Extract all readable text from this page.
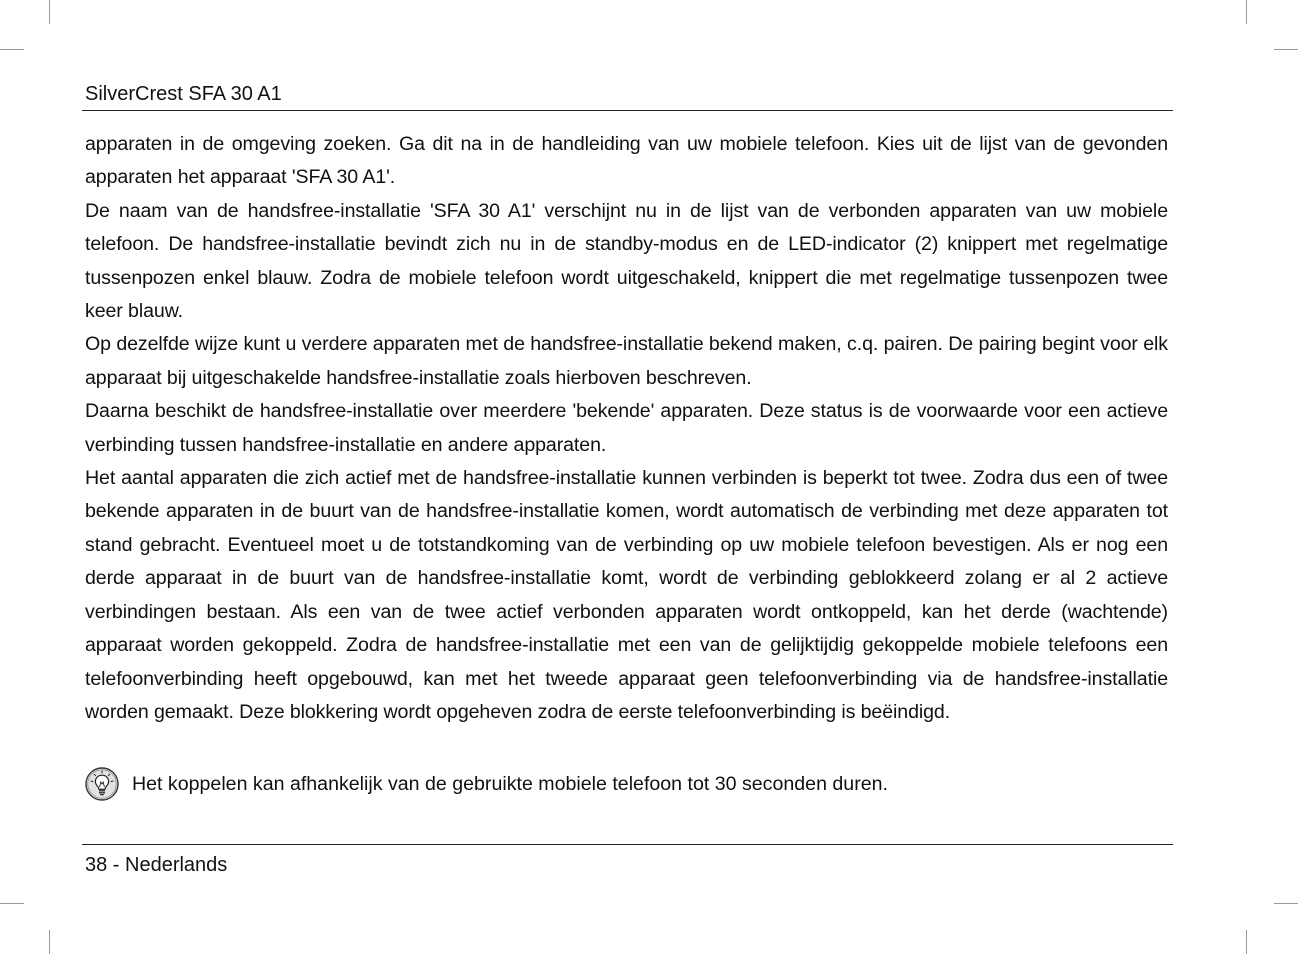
SilverCrest SFA 30 A1

apparaten in de omgeving zoeken. Ga dit na in de handleiding van uw mobiele telefoon. Kies uit de lijst van de gevonden apparaten het apparaat 'SFA 30 A1'.

De naam van de handsfree-installatie 'SFA 30 A1' verschijnt nu in de lijst van de verbonden apparaten van uw mobiele telefoon. De handsfree-installatie bevindt zich nu in de standby-modus en de LED-indicator (2) knippert met regelmatige tussenpozen enkel blauw. Zodra de mobiele telefoon wordt uitgeschakeld, knippert die met regelmatige tussenpozen twee keer blauw.

Op dezelfde wijze kunt u verdere apparaten met de handsfree-installatie bekend maken, c.q. pairen. De pairing begint voor elk apparaat bij uitgeschakelde handsfree-installatie zoals hierboven beschreven.

Daarna beschikt de handsfree-installatie over meerdere 'bekende' apparaten. Deze status is de voorwaarde voor een actieve verbinding tussen handsfree-installatie en andere apparaten.

Het aantal apparaten die zich actief met de handsfree-installatie kunnen verbinden is beperkt tot twee. Zodra dus een of twee bekende apparaten in de buurt van de handsfree-installatie komen, wordt automatisch de verbinding met deze apparaten tot stand gebracht. Eventueel moet u de totstandkoming van de verbinding op uw mobiele telefoon bevestigen. Als er nog een derde apparaat in de buurt van de handsfree-installatie komt, wordt de verbinding geblokkeerd zolang er al 2 actieve verbindingen bestaan. Als een van de twee actief verbonden apparaten wordt ontkoppeld, kan het derde (wachtende) apparaat worden gekoppeld. Zodra de handsfree-installatie met een van de gelijktijdig gekoppelde mobiele telefoons een telefoonverbinding heeft opgebouwd, kan met het tweede apparaat geen telefoonverbinding via de handsfree-installatie worden gemaakt. Deze blokkering wordt opgeheven zodra de eerste telefoonverbinding is beëindigd.

Het koppelen kan afhankelijk van de gebruikte mobiele telefoon tot 30 seconden duren.
38 - Nederlands
